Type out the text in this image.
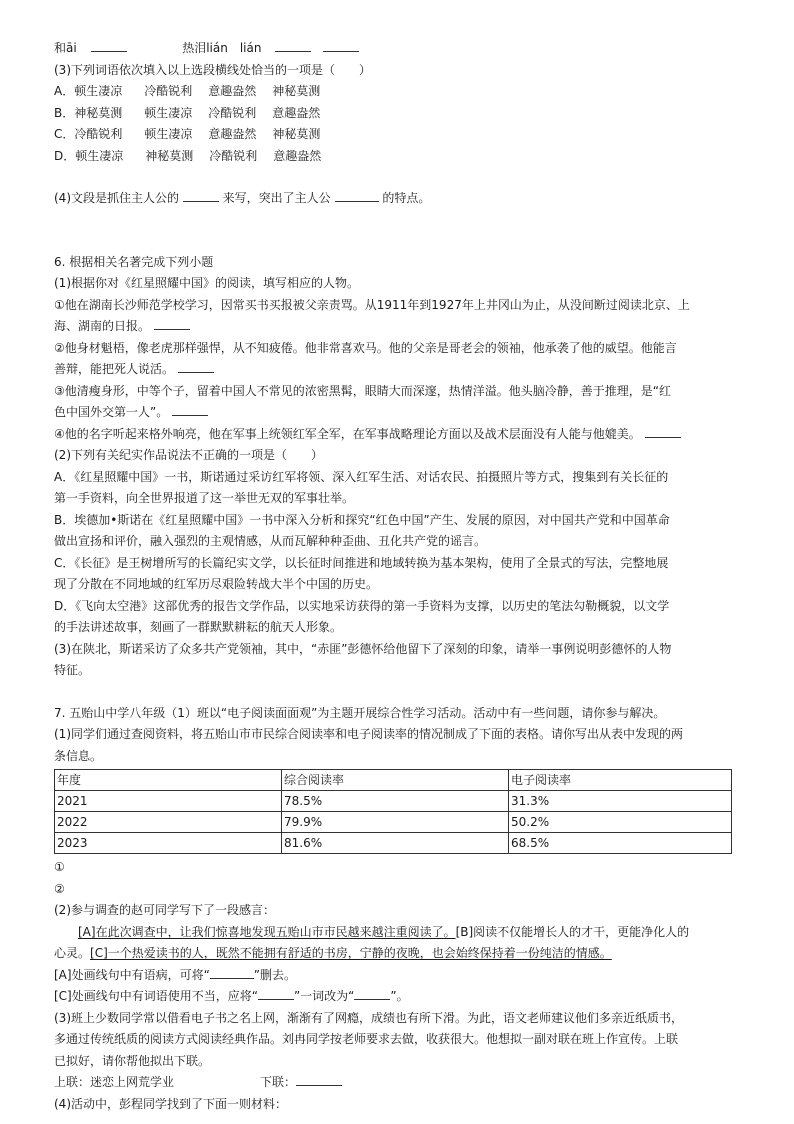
和āi	热泪lián　lián
(3)下列词语依次填入以上选段横线处恰当的一项是（　　）
A．顿生凄凉 冷酷锐利 意趣盎然 神秘莫测
B．神秘莫测 顿生凄凉 冷酷锐利 意趣盎然
C．冷酷锐利 顿生凄凉 意趣盎然 神秘莫测
D．顿生凄凉 神秘莫测 冷酷锐利 意趣盎然
(4)文段是抓住主人公的	来写，突出了主人公	的特点。
6. 根据相关名著完成下列小题
(1)根据你对《红星照耀中国》的阅读，填写相应的人物。
①他在湖南长沙师范学校学习，因常买书买报被父亲责骂。从1911年到1927年上井冈山为止，从没间断过阅读北京、上
海、湖南的日报。
②他身材魁梧，像老虎那样强悍，从不知疲倦。他非常喜欢马。他的父亲是哥老会的领袖，他承袭了他的威望。他能言
善辩，能把死人说活。
③他清瘦身形，中等个子，留着中国人不常见的浓密黑髯，眼睛大而深邃，热情洋溢。他头脑冷静，善于推理，是“红
色中国外交第一人”。
④他的名字听起来格外响亮，他在军事上统领红军全军，在军事战略理论方面以及战术层面没有人能与他媲美。
(2)下列有关纪实作品说法不正确的一项是（　　）
A．《红星照耀中国》一书，斯诺通过采访红军将领、深入红军生活、对话农民、拍摄照片等方式，搜集到有关长征的
第一手资料，向全世界报道了这一举世无双的军事壮举。
B．埃德加•斯诺在《红星照耀中国》一书中深入分析和探究“红色中国”产生、发展的原因，对中国共产党和中国革命
做出宣扬和评价，融入强烈的主观情感，从而瓦解种种歪曲、丑化共产党的谣言。
C．《长征》是王树增所写的长篇纪实文学，以长征时间推进和地域转换为基本架构，使用了全景式的写法，完整地展
现了分散在不同地域的红军历尽艰险转战大半个中国的历史。
D．《飞向太空港》这部优秀的报告文学作品，以实地采访获得的第一手资料为支撑，以历史的笔法勾勒概貌，以文学
的手法讲述故事，刻画了一群默默耕耘的航天人形象。
(3)在陕北，斯诺采访了众多共产党领袖，其中，“赤匪”彭德怀给他留下了深刻的印象，请举一事例说明彭德怀的人物
特征。
7. 五贻山中学八年级（1）班以“电子阅读面面观”为主题开展综合性学习活动。活动中有一些问题，请你参与解决。
(1)同学们通过查阅资料，将五贻山市市民综合阅读率和电子阅读率的情况制成了下面的表格。请你写出从表中发现的两
条信息。
年度	综合阅读率	电子阅读率
2021	78.5%	31.3%
2022	79.9%	50.2%
2023	81.6%	68.5%
①
②
(2)参与调查的赵可同学写下了一段感言：
[A]在此次调查中，让我们惊喜地发现五贻山市市民越来越注重阅读了。[B]阅读不仅能增长人的才干，更能净化人的
心灵。[C]一个热爱读书的人，既然不能拥有舒适的书房，宁静的夜晚，也会始终保持着一份纯洁的情感。
[A]处画线句中有语病，可将“	”删去。
[C]处画线句中有词语使用不当，应将“	”一词改为“	”。
(3)班上少数同学常以借看电子书之名上网，渐渐有了网瘾，成绩也有所下滑。为此，语文老师建议他们多亲近纸质书，
多通过传统纸质的阅读方式阅读经典作品。刘冉同学按老师要求去做，收获很大。他想拟一副对联在班上作宣传。上联
已拟好，请你帮他拟出下联。
上联：迷恋上网荒学业	下联：
(4)活动中，彭程同学找到了下面一则材料：
